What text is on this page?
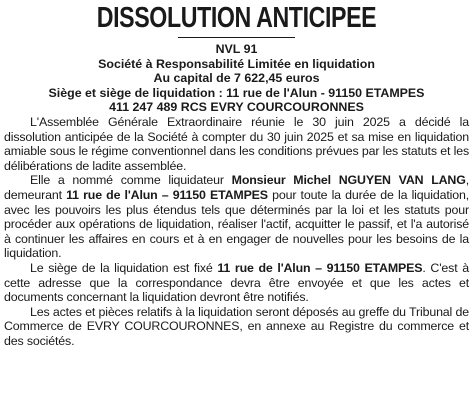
DISSOLUTION ANTICIPEE

NVL 91

Société à Responsabilité Limitée en liquidation

Au capital de 7 622,45 euros

Siège et siège de liquidation : 11 rue de l'Alun - 91150 ETAMPES

411 247 489 RCS EVRY COURCOURONNES

L'Assemblée Générale Extraordinaire réunie le 30 juin 2025 a décidé la dissolution anticipée de la Société à compter du 30 juin 2025 et sa mise en liquidation amiable sous le régime conventionnel dans les conditions prévues par les statuts et les délibérations de ladite assemblée.

Elle a nommé comme liquidateur Monsieur Michel NGUYEN VAN LANG, demeurant 11 rue de l'Alun – 91150 ETAMPES pour toute la durée de la liquidation, avec les pouvoirs les plus étendus tels que déterminés par la loi et les statuts pour procéder aux opérations de liquidation, réaliser l'actif, acquitter le passif, et l'a autorisé à continuer les affaires en cours et à en engager de nouvelles pour les besoins de la liquidation.

Le siège de la liquidation est fixé 11 rue de l'Alun – 91150 ETAMPES. C'est à cette adresse que la correspondance devra être envoyée et que les actes et documents concernant la liquidation devront être notifiés.

Les actes et pièces relatifs à la liquidation seront déposés au greffe du Tribunal de Commerce de EVRY COURCOURONNES, en annexe au Registre du commerce et des sociétés.
